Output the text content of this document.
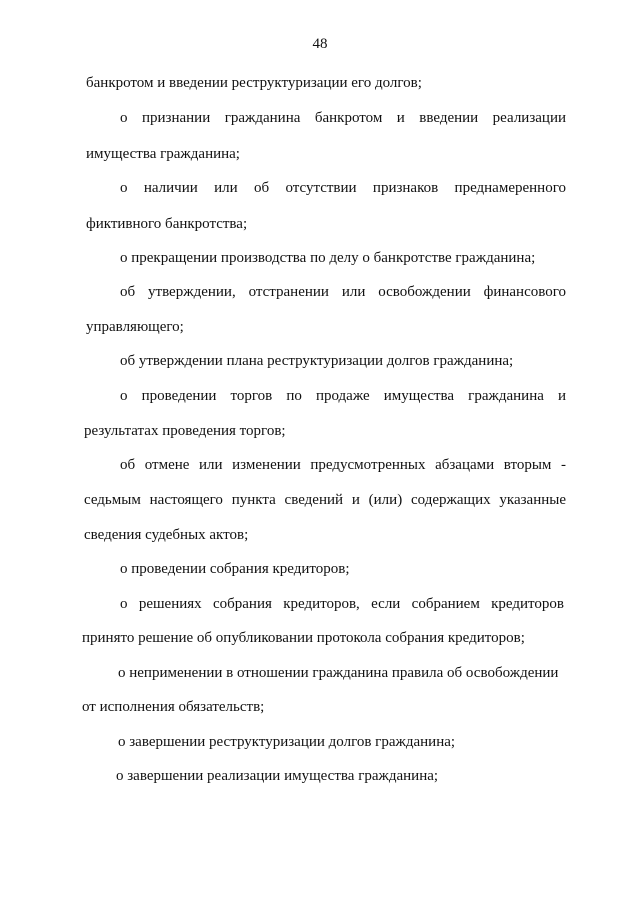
48
банкротом и введении реструктуризации его долгов;
о признании гражданина банкротом и введении реализации
имущества гражданина;
о наличии или об отсутствии признаков преднамеренного
фиктивного банкротства;
о прекращении производства по делу о банкротстве гражданина;
об утверждении, отстранении или освобождении финансового
управляющего;
об утверждении плана реструктуризации долгов гражданина;
о проведении торгов по продаже имущества гражданина и
результатах проведения торгов;
об отмене или изменении предусмотренных абзацами вторым -
седьмым настоящего пункта сведений и (или) содержащих указанные
сведения судебных актов;
о проведении собрания кредиторов;
о решениях собрания кредиторов, если собранием кредиторов
принято решение об опубликовании протокола собрания кредиторов;
о неприменении в отношении гражданина правила об освобождении
от исполнения обязательств;
о завершении реструктуризации долгов гражданина;
о завершении реализации имущества гражданина;
